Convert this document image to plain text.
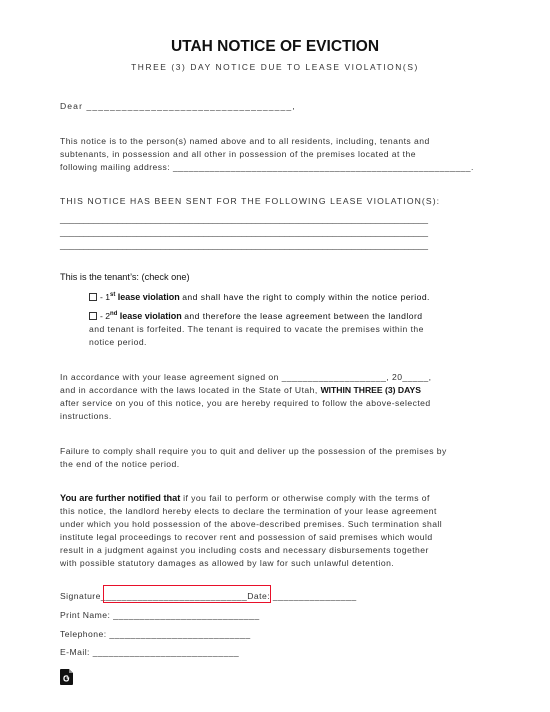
UTAH NOTICE OF EVICTION
THREE (3) DAY NOTICE DUE TO LEASE VIOLATION(S)
Dear ___________________________________,
This notice is to the person(s) named above and to all residents, including, tenants and
subtenants, in possession and all other in possession of the premises located at the
following mailing address: _________________________________________________________.
THIS NOTICE HAS BEEN SENT FOR THE FOLLOWING LEASE VIOLATION(S):
_____________________________________________________________________________
_____________________________________________________________________________
_____________________________________________________________________________
This is the tenant’s: (check one)
- 1st lease violation and shall have the right to comply within the notice period.
- 2nd lease violation and therefore the lease agreement between the landlord
and tenant is forfeited. The tenant is required to vacate the premises within the
notice period.
In accordance with your lease agreement signed on ____________________, 20_____,
and in accordance with the laws located in the State of Utah, WITHIN THREE (3) DAYS
after service on you of this notice, you are hereby required to follow the above-selected
instructions.
Failure to comply shall require you to quit and deliver up the possession of the premises by
the end of the notice period.
You are further notified that if you fail to perform or otherwise comply with the terms of
this notice, the landlord hereby elects to declare the termination of your lease agreement
under which you hold possession of the above-described premises. Such termination shall
institute legal proceedings to recover rent and possession of said premises which would
result in a judgment against you including costs and necessary disbursements together
with possible statutory damages as allowed by law for such unlawful detention.
Signature____________________________Date: ________________
Print Name: ____________________________
Telephone: ___________________________
E-Mail: ____________________________
